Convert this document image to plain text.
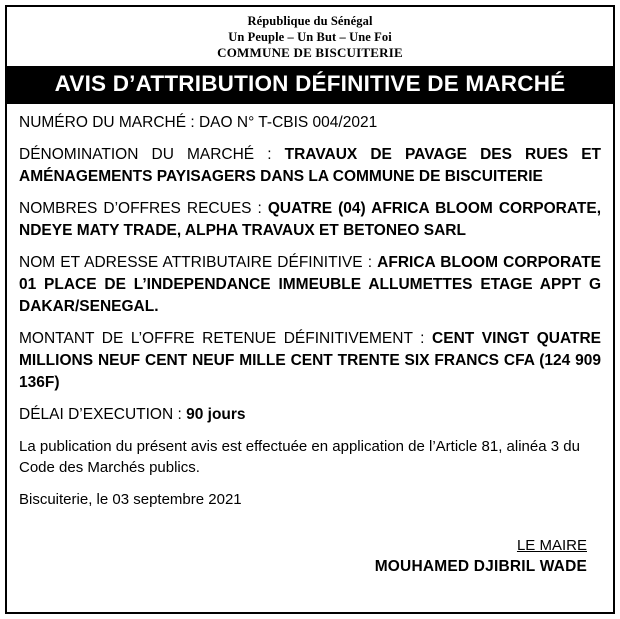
République du Sénégal
Un Peuple – Un But – Une Foi
COMMUNE DE BISCUITERIE
AVIS D’ATTRIBUTION DÉFINITIVE DE MARCHÉ

NUMÉRO DU MARCHÉ : DAO N° T-CBIS 004/2021

DÉNOMINATION DU MARCHÉ : TRAVAUX DE PAVAGE DES RUES ET AMÉNAGEMENTS PAYISAGERS DANS LA COMMUNE DE BISCUITERIE

NOMBRES D’OFFRES RECUES : QUATRE (04) AFRICA BLOOM CORPORATE, NDEYE MATY TRADE, ALPHA TRAVAUX ET BETONEO SARL

NOM ET ADRESSE ATTRIBUTAIRE DÉFINITIVE : AFRICA BLOOM CORPORATE 01 PLACE DE L’INDEPENDANCE IMMEUBLE ALLUMETTES ETAGE APPT G DAKAR/SENEGAL.

MONTANT DE L’OFFRE RETENUE DÉFINITIVEMENT : CENT VINGT QUATRE MILLIONS NEUF CENT NEUF MILLE CENT TRENTE SIX FRANCS CFA (124 909 136F)

DÉLAI D’EXECUTION : 90 jours

La publication du présent avis est effectuée en application de l’Article 81, alinéa 3 du Code des Marchés publics.

Biscuiterie, le 03 septembre 2021

LE MAIRE
MOUHAMED DJIBRIL WADE
